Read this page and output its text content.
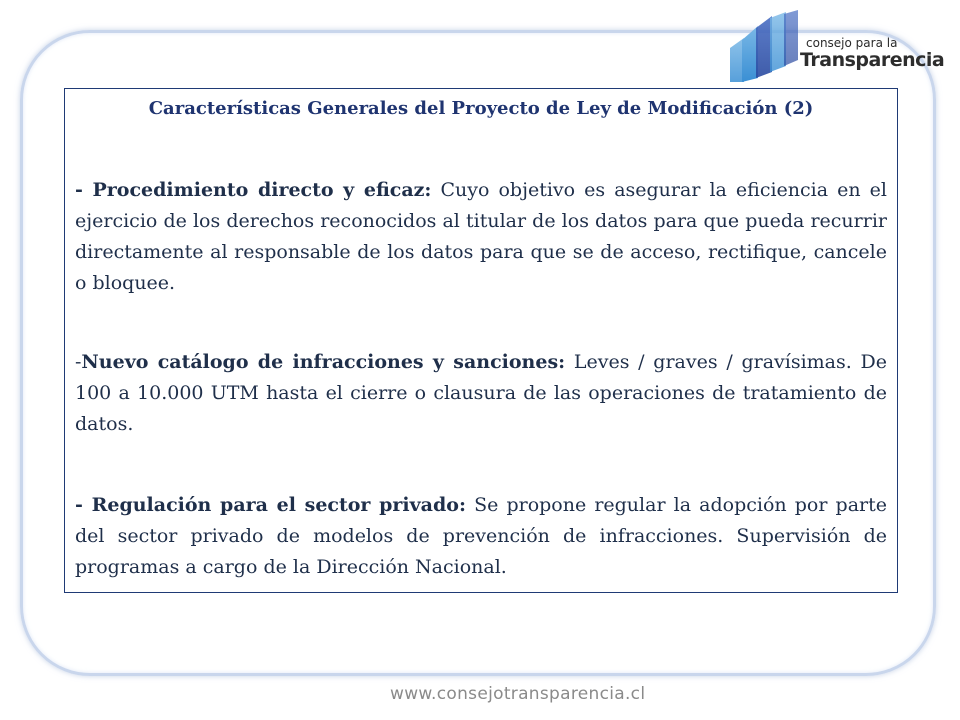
consejo para la
Transparencia
Características Generales del Proyecto de Ley de Modificación (2)

- Procedimiento directo y eficaz: Cuyo objetivo es asegurar la eficiencia en el ejercicio de los derechos reconocidos al titular de los datos para que pueda recurrir directamente al responsable de los datos para que se de acceso, rectifique, cancele o bloquee.

-Nuevo catálogo de infracciones y sanciones: Leves / graves / gravísimas. De 100 a 10.000 UTM hasta el cierre o clausura de las operaciones de tratamiento de datos.

- Regulación para el sector privado: Se propone regular la adopción por parte del sector privado de modelos de prevención de infracciones. Supervisión de programas a cargo de la Dirección Nacional.

www.consejotransparencia.cl
